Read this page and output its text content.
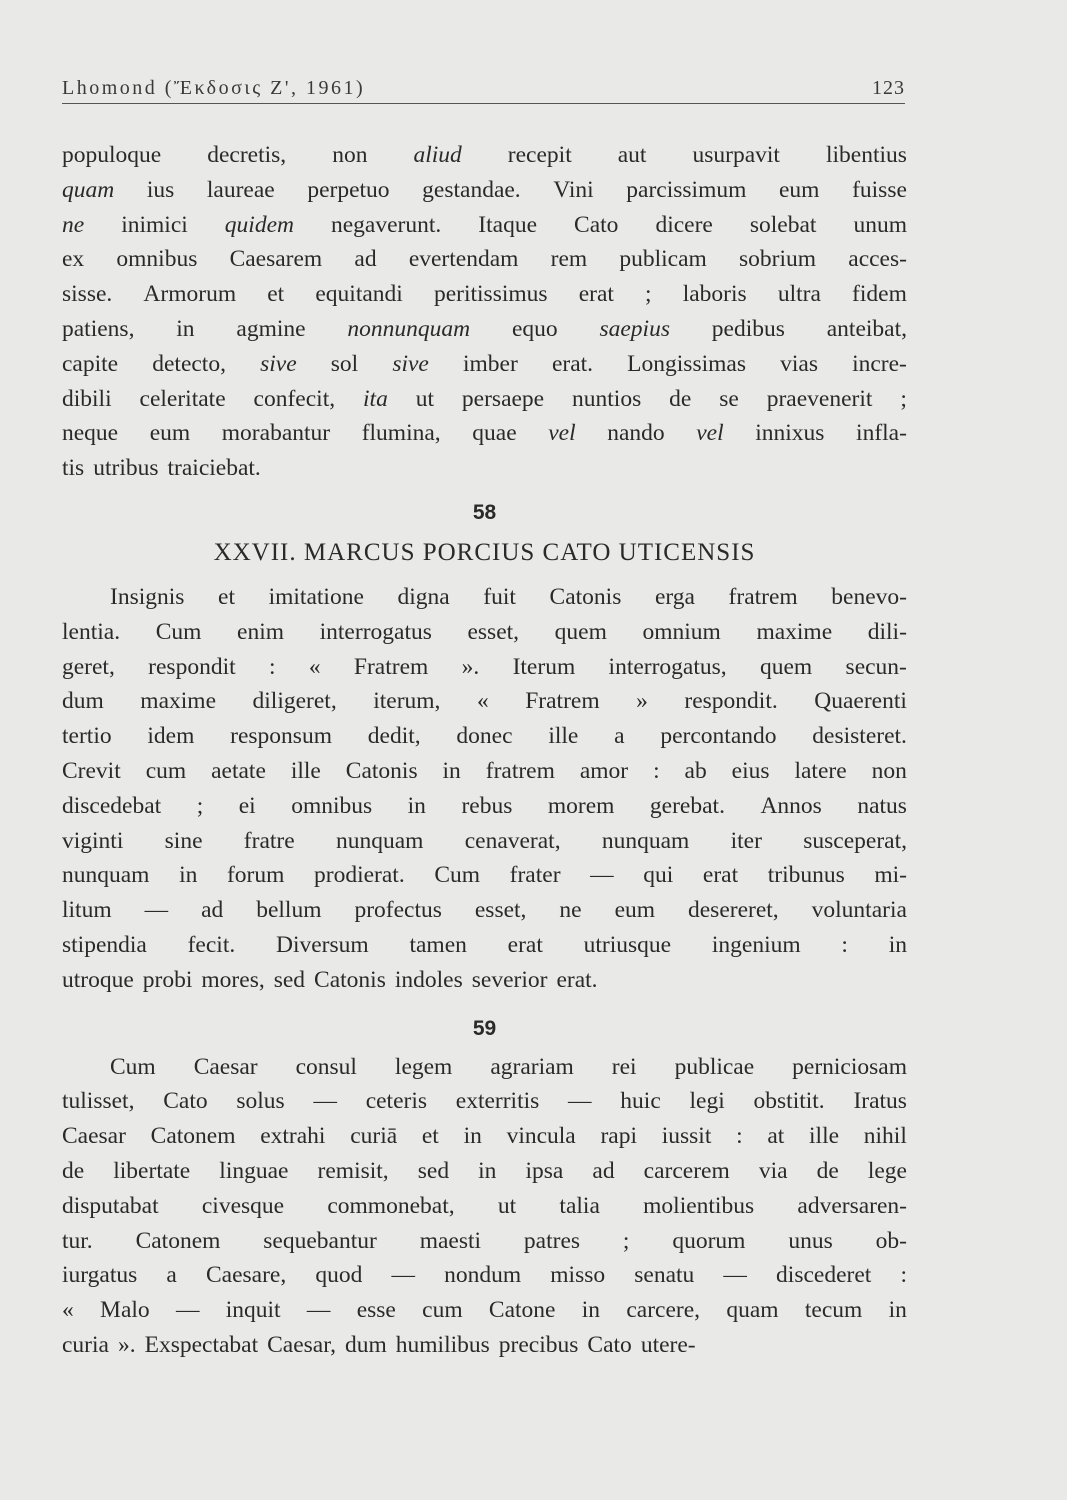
Lhomond (Ἔκδοσις Ζ', 1961)	123
populoque decretis, non aliud recepit aut usurpavit libentius
quam ius laureae perpetuo gestandae. Vini parcissimum eum fuisse
ne inimici quidem negaverunt. Itaque Cato dicere solebat unum
ex omnibus Caesarem ad evertendam rem publicam sobrium acces-
sisse. Armorum et equitandi peritissimus erat ; laboris ultra fidem
patiens, in agmine nonnunquam equo saepius pedibus anteibat,
capite detecto, sive sol sive imber erat. Longissimas vias incre-
dibili celeritate confecit, ita ut persaepe nuntios de se praevenerit ;
neque eum morabantur flumina, quae vel nando vel innixus infla-
tis utribus traiciebat.
58
XXVII. MARCUS PORCIUS CATO UTICENSIS
Insignis et imitatione digna fuit Catonis erga fratrem benevo-
lentia. Cum enim interrogatus esset, quem omnium maxime dili-
geret, respondit : « Fratrem ». Iterum interrogatus, quem secun-
dum maxime diligeret, iterum, « Fratrem » respondit. Quaerenti
tertio idem responsum dedit, donec ille a percontando desisteret.
Crevit cum aetate ille Catonis in fratrem amor : ab eius latere non
discedebat ; ei omnibus in rebus morem gerebat. Annos natus
viginti sine fratre nunquam cenaverat, nunquam iter susceperat,
nunquam in forum prodierat. Cum frater — qui erat tribunus mi-
litum — ad bellum profectus esset, ne eum desereret, voluntaria
stipendia fecit. Diversum tamen erat utriusque ingenium : in
utroque probi mores, sed Catonis indoles severior erat.
59
Cum Caesar consul legem agrariam rei publicae perniciosam
tulisset, Cato solus — ceteris exterritis — huic legi obstitit. Iratus
Caesar Catonem extrahi curiā et in vincula rapi iussit : at ille nihil
de libertate linguae remisit, sed in ipsa ad carcerem via de lege
disputabat civesque commonebat, ut talia molientibus adversaren-
tur. Catonem sequebantur maesti patres ; quorum unus ob-
iurgatus a Caesare, quod — nondum misso senatu — discederet :
« Malo — inquit — esse cum Catone in carcere, quam tecum in
curia ». Exspectabat Caesar, dum humilibus precibus Cato utere-
